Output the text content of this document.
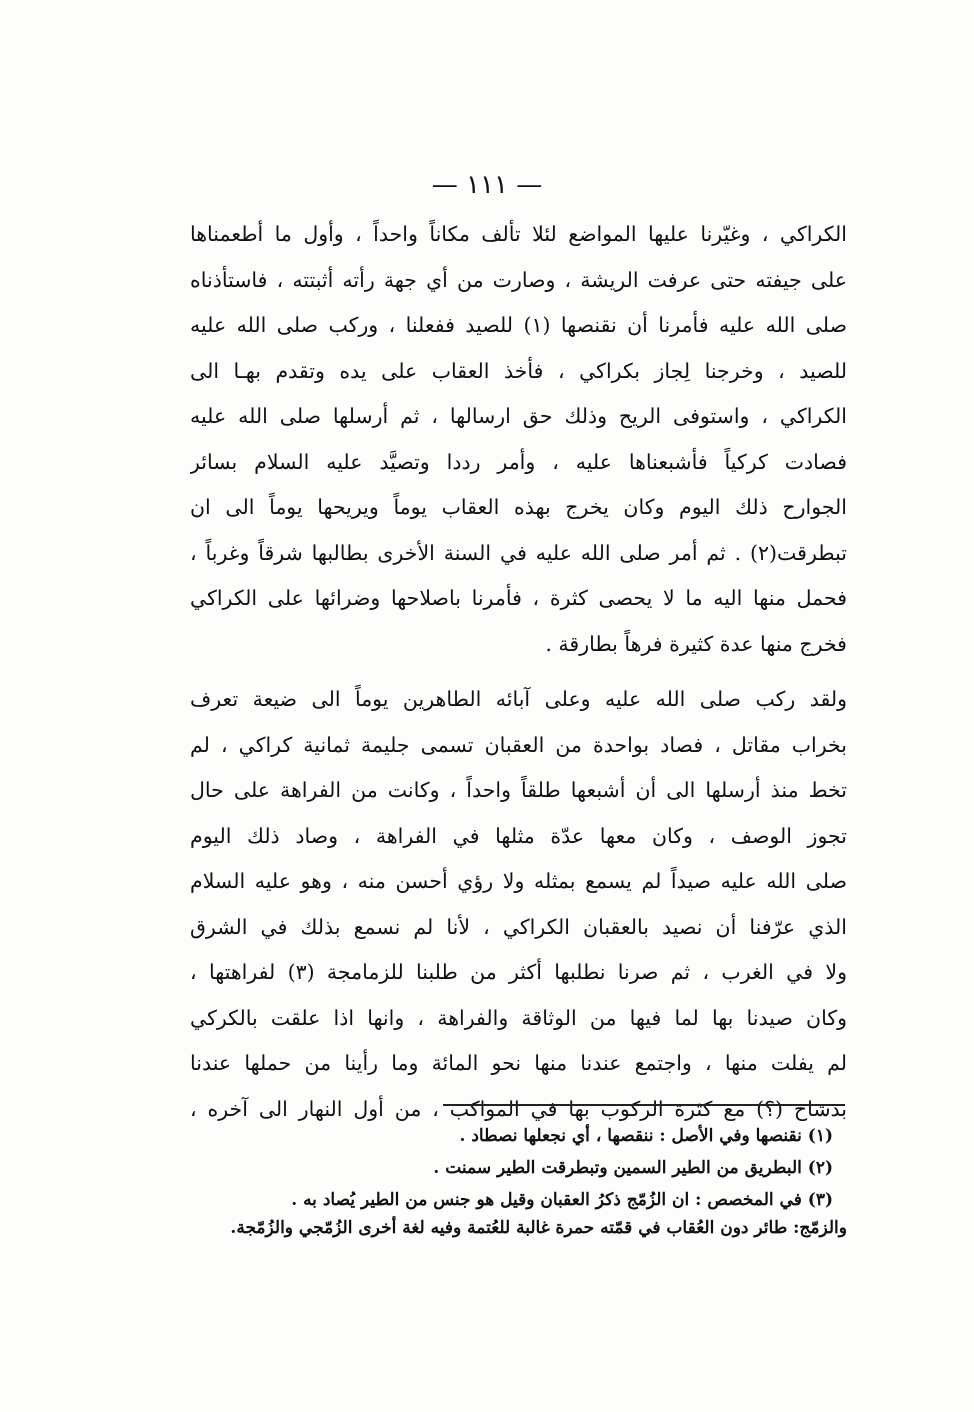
— ١١١ —
الكراكي ، وغيّرنا عليها المواضع لئلا تألف مكاناً واحداً ، وأول ما أطعمناها
على جيفته حتى عرفت الريشة ، وصارت من أي جهة رأته أثبتته ، فاستأذناه
صلى الله عليه فأمرنا أن نقنصها (١) للصيد ففعلنا ، وركب صلى الله عليه
للصيد ، وخرجنا لِجاز بكراكي ، فأخذ العقاب على يده وتقدم بهـا الى
الكراكي ، واستوفى الريح وذلك حق ارسالها ، ثم أرسلها صلى الله عليه
فصادت كركياً فأشبعناها عليه ، وأمر رددا وتصيَّد عليه السلام بسائر
الجوارح ذلك اليوم وكان يخرج بهذه العقاب يوماً ويريحها يوماً الى ان
تبطرقت(٢) . ثم أمر صلى الله عليه في السنة الأخرى بطالبها شرقاً وغرباً ،
فحمل منها اليه ما لا يحصى كثرة ، فأمرنا باصلاحها وضرائها على الكراكي
فخرج منها عدة كثيرة فرهاً بطارقة .
ولقد ركب صلى الله عليه وعلى آبائه الطاهرين يوماً الى ضيعة تعرف
بخراب مقاتل ، فصاد بواحدة من العقبان تسمى جليمة ثمانية كراكي ، لم
تخط منذ أرسلها الى أن أشبعها طلقاً واحداً ، وكانت من الفراهة على حال
تجوز الوصف ، وكان معها عدّة مثلها في الفراهة ، وصاد ذلك اليوم
صلى الله عليه صيداً لم يسمع بمثله ولا رؤي أحسن منه ، وهو عليه السلام
الذي عرّفنا أن نصيد بالعقبان الكراكي ، لأنا لم نسمع بذلك في الشرق
ولا في الغرب ، ثم صرنا نطلبها أكثر من طلبنا للزمامجة (٣) لفراهتها ،
وكان صيدنا بها لما فيها من الوثاقة والفراهة ، وانها اذا علقت بالكركي
لم يفلت منها ، واجتمع عندنا منها نحو المائة وما رأينا من حملها عندنا
بدشاخ (؟) مع كثرة الركوب بها في المواكب ، من أول النهار الى آخره ،
(١) نقنصها وفي الأصل : ننقصها ، أي نجعلها نصطاد .
(٢) البطريق من الطير السمين وتبطرقت الطير سمنت .
(٣) في المخصص : ان الزُمّج ذكرُ العقبان وقيل هو جنس من الطير يُصاد به .
والزمّج: طائر دون العُقاب في قمّته حمرة غالبة للعُتمة وفيه لغة أخرى الزُمّجي والزُمّجة.
